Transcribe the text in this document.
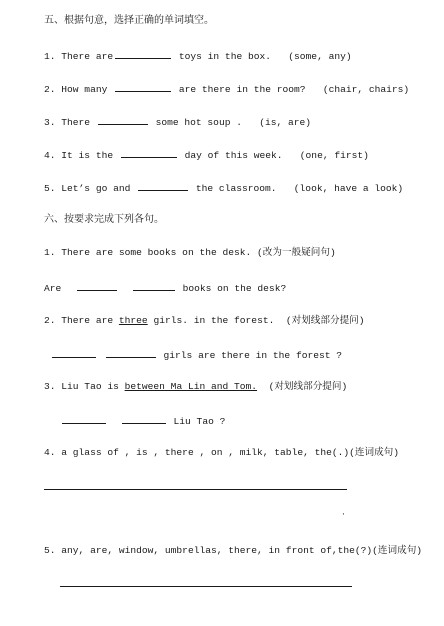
五、根据句意，选择正确的单词填空。
1. There are	toys in the box. (some, any)
2. How many	are there in the room? (chair, chairs)
3. There	some hot soup . (is, are)
4. It is the	day of this week. (one, first)
5. Let’s go and	the classroom. (look, have a look)
六、按要求完成下列各句。
1. There are some books on the desk. (改为一般疑问句)
Are	books on the desk?
2. There are three girls. in the forest. (对划线部分提问)
girls are there in the forest ?
3. Liu Tao is between Ma Lin and Tom. (对划线部分提问)
Liu Tao ?
4. a glass of , is , there , on , milk, table, the(.)(连词成句)
·
5. any, are, window, umbrellas, there, in front of,the(?)(连词成句)
